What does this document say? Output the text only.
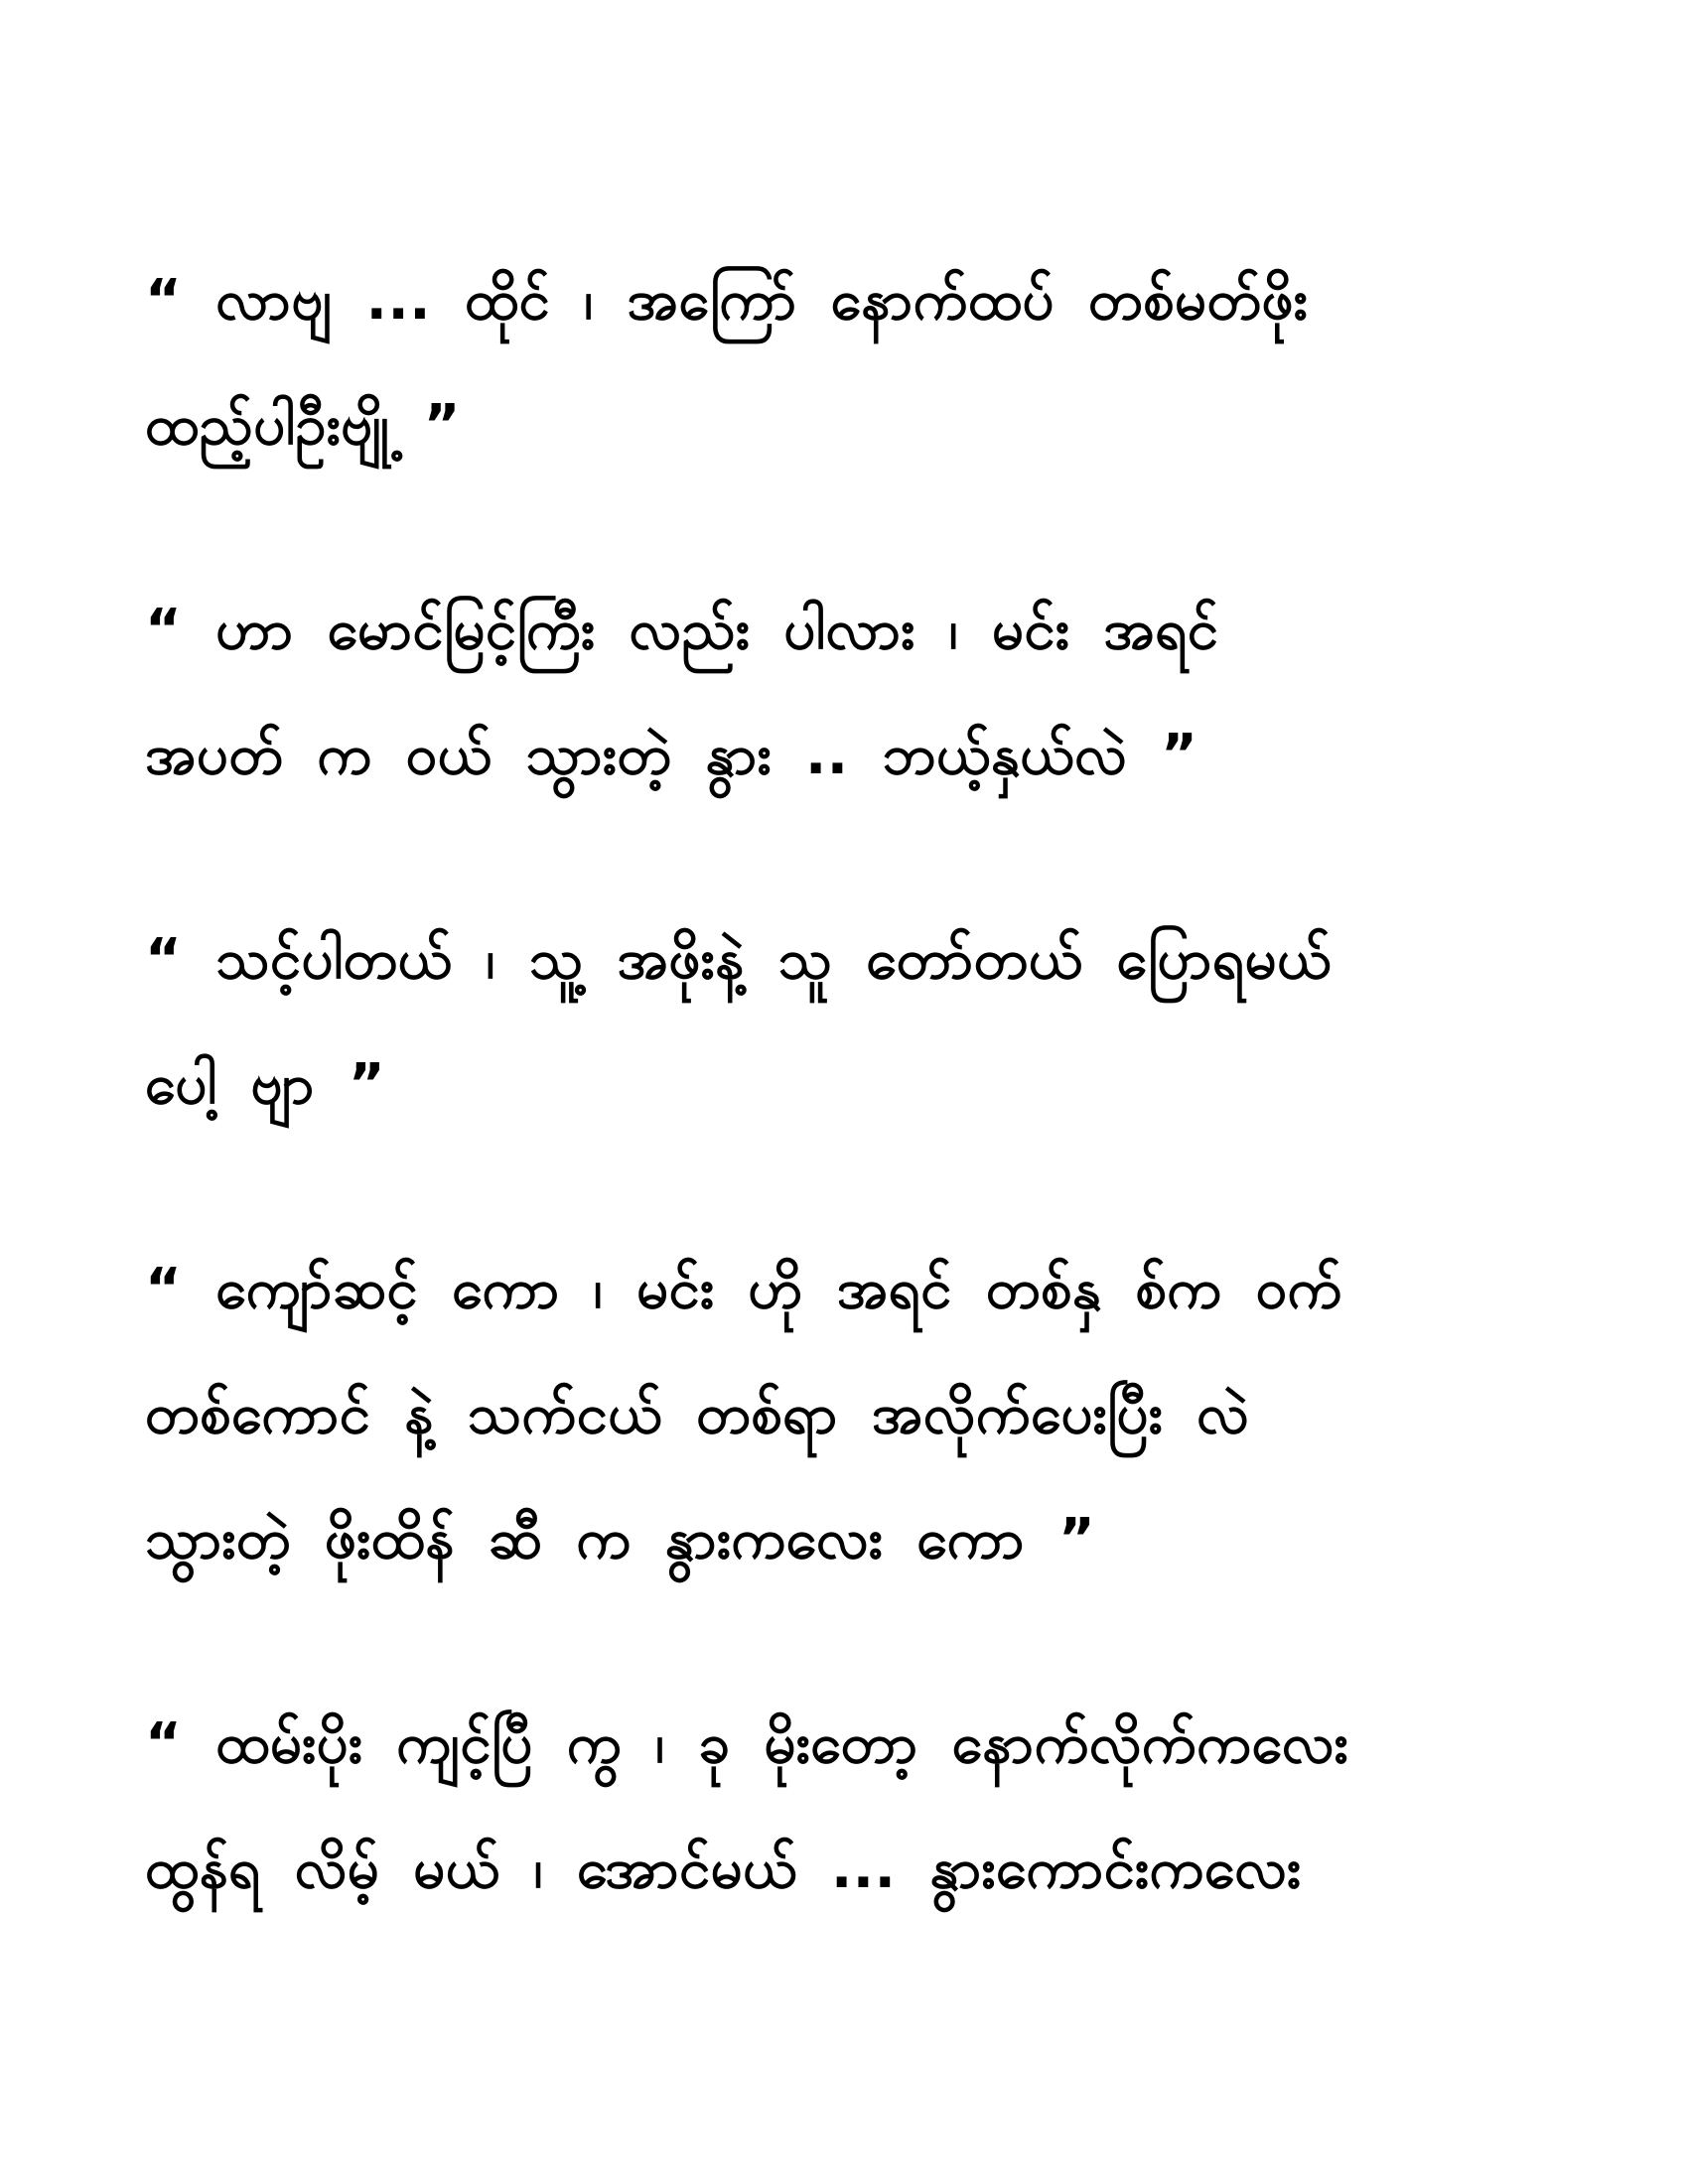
“ လာဗျ ... ထိုင် ၊ အကြော် နောက်ထပ် တစ်မတ်ဖိုး
ထည့်ပါဦးဗျို့ ”
“ ဟာ မောင်မြင့်ကြီး လည်း ပါလား ၊ မင်း အရင်
အပတ် က ဝယ် သွားတဲ့ နွား .. ဘယ့်နှယ်လဲ ”
“ သင့်ပါတယ် ၊ သူ့ အဖိုးနဲ့ သူ တော်တယ် ပြောရမယ်
ပေါ့ ဗျာ ”
“ ကျော်ဆင့် ကော ၊ မင်း ဟို အရင် တစ်နှ စ်က ဝက်
တစ်ကောင် နဲ့ သက်ငယ် တစ်ရာ အလိုက်ပေးပြီး လဲ
သွားတဲ့ ဖိုးထိန် ဆီ က နွားကလေး ကော ”
“ ထမ်းပိုး ကျင့်ပြီ ကွ ၊ ခု မိုးတော့ နောက်လိုက်ကလေး
ထွန်ရ လိမ့် မယ် ၊ အောင်မယ် ... နွားကောင်းကလေး
